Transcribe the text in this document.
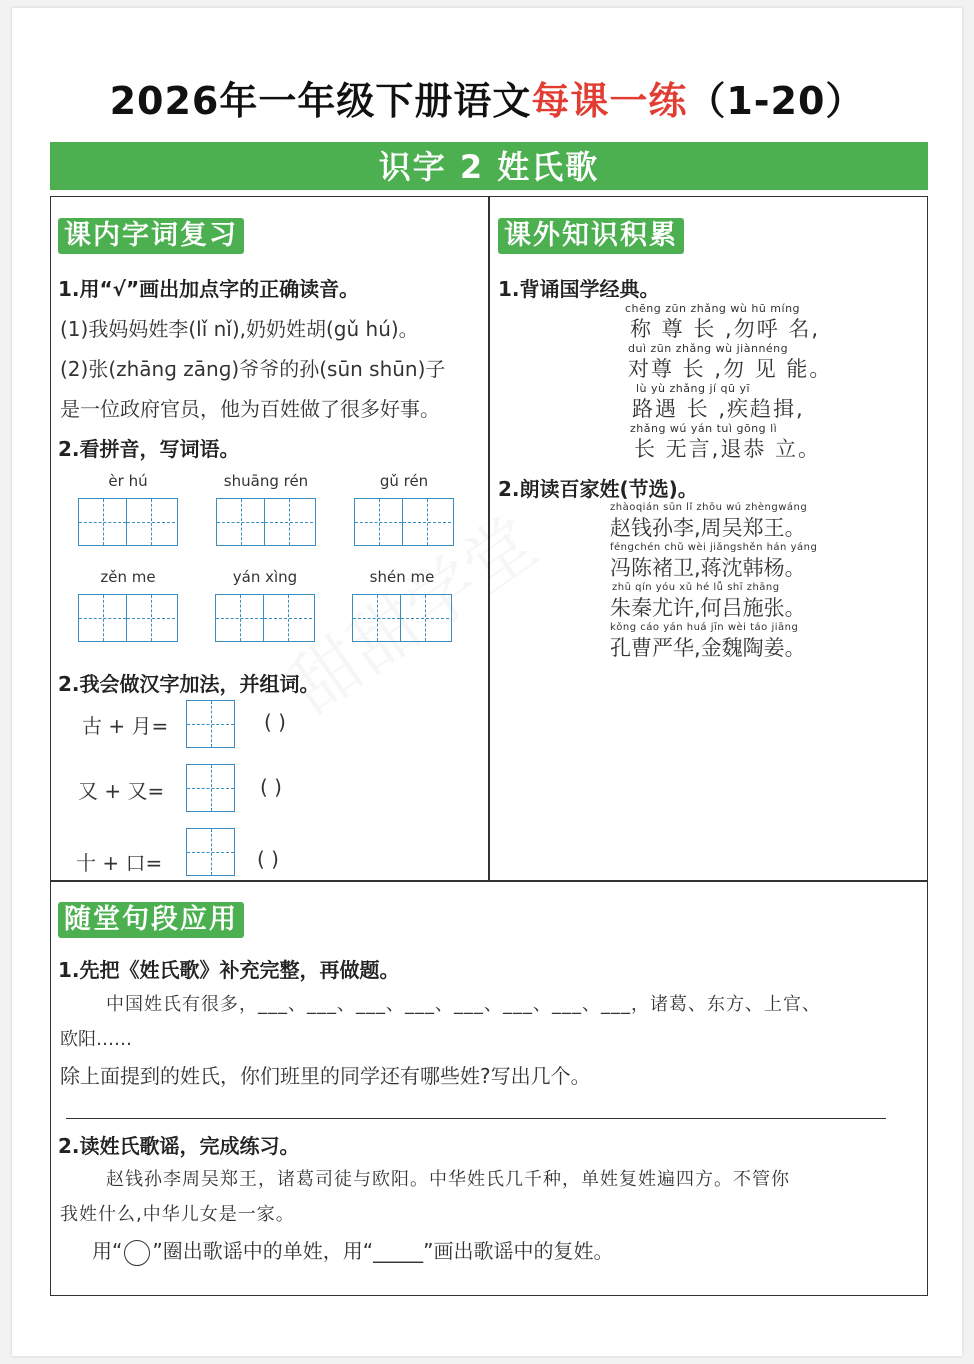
2026年一年级下册语文每课一练（1-20）
识字 2 姓氏歌
课内字词复习
1.用“√”画出加点字的正确读音。
(1)我妈妈姓李(lǐ nǐ),奶奶姓胡(gǔ hú)。
(2)张(zhānɡ zānɡ)爷爷的孙(sūn shūn)子
是一位政府官员，他为百姓做了很多好事。
2.看拼音，写词语。
èr hú	shuāng rén	gǔ rén
zěn me	yán xìng	shén me
2.我会做汉字加法，并组词。
古 + 月=	( )
又 + 又=	( )
十 + 口=	( )
课外知识积累
1.背诵国学经典。
chēng zūn zhǎng wù hū míng
称 尊 长 ,勿呼 名,
duì zūn zhǎng wù jiànnéng
对尊 长 ,勿 见 能。
lù yù zhǎng jí qū yī
路遇 长 ,疾趋揖,
zhǎng wú yán tuì gōng lì
长 无言,退恭 立。
2.朗读百家姓(节选)。
zhàoqián sūn lǐ zhōu wú zhèngwáng
赵钱孙李,周吴郑王。
féngchén chǔ wèi jiǎngshěn hán yáng
冯陈褚卫,蒋沈韩杨。
zhū qín yóu xǔ hé lǚ shī zhāng
朱秦尤许,何吕施张。
kǒng cáo yán huá jīn wèi táo jiāng
孔曹严华,金魏陶姜。
随堂句段应用
1.先把《姓氏歌》补充完整，再做题。
中国姓氏有很多，___、___、___、___、___、___、___、___，诸葛、东方、上官、
欧阳……
除上面提到的姓氏，你们班里的同学还有哪些姓?写出几个。
2.读姓氏歌谣，完成练习。
赵钱孙李周吴郑王，诸葛司徒与欧阳。中华姓氏几千种，单姓复姓遍四方。不管你
我姓什么,中华儿女是一家。
用“ ”圈出歌谣中的单姓，用“_____”画出歌谣中的复姓。
